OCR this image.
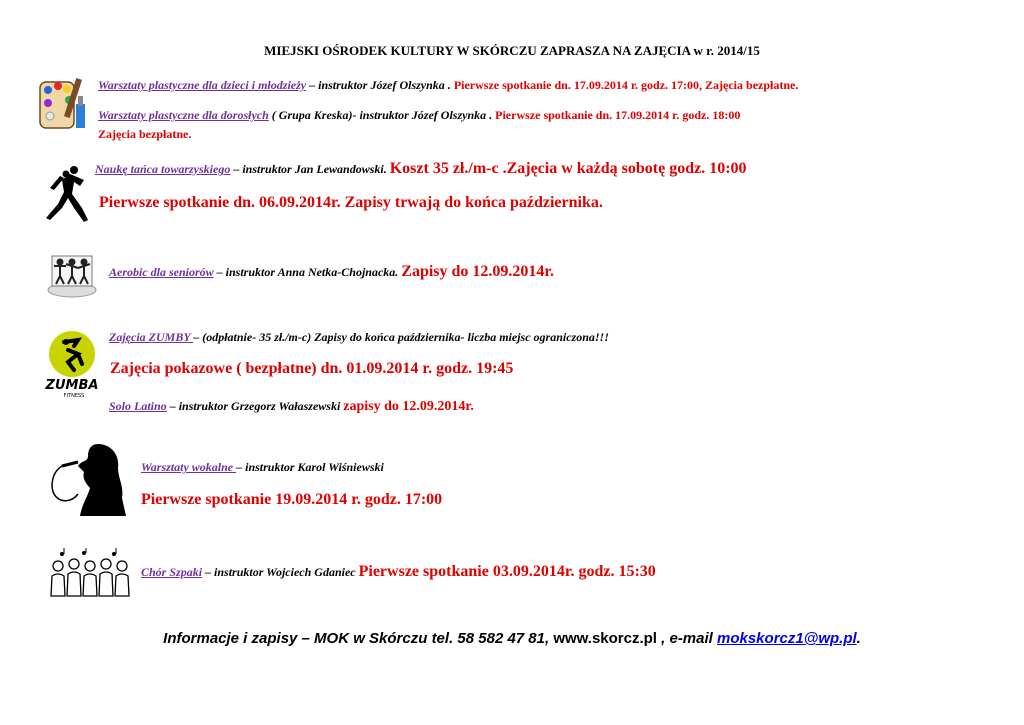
MIEJSKI OŚRODEK KULTURY W SKÓRCZU ZAPRASZA NA ZAJĘCIA w r. 2014/15
Warsztaty plastyczne dla dzieci i młodzieży – instruktor Józef Olszynka . Pierwsze spotkanie dn. 17.09.2014 r. godz. 17:00, Zajęcia bezpłatne.
Warsztaty plastyczne dla dorosłych ( Grupa Kreska)- instruktor Józef Olszynka . Pierwsze spotkanie dn. 17.09.2014 r. godz. 18:00
Zajęcia bezpłatne.
Naukę tańca towarzyskiego – instruktor Jan Lewandowski. Koszt 35 zł./m-c .Zajęcia w każdą sobotę godz. 10:00
Pierwsze spotkanie dn. 06.09.2014r. Zapisy trwają do końca października.
Aerobic dla seniorów – instruktor Anna Netka-Chojnacka. Zapisy do 12.09.2014r.
ZUMBA
FITNESS
Zajęcia ZUMBY – (odpłatnie- 35 zł./m-c) Zapisy do końca października- liczba miejsc ograniczona!!!
Zajęcia pokazowe ( bezpłatne) dn. 01.09.2014 r. godz. 19:45
Solo Latino – instruktor Grzegorz Wałaszewski zapisy do 12.09.2014r.
Warsztaty wokalne – instruktor Karol Wiśniewski
Pierwsze spotkanie 19.09.2014 r. godz. 17:00
Chór Szpaki – instruktor Wojciech Gdaniec Pierwsze spotkanie 03.09.2014r. godz. 15:30
Informacje i zapisy – MOK w Skórczu tel. 58 582 47 81, www.skorcz.pl , e-mail mokskorcz1@wp.pl.
